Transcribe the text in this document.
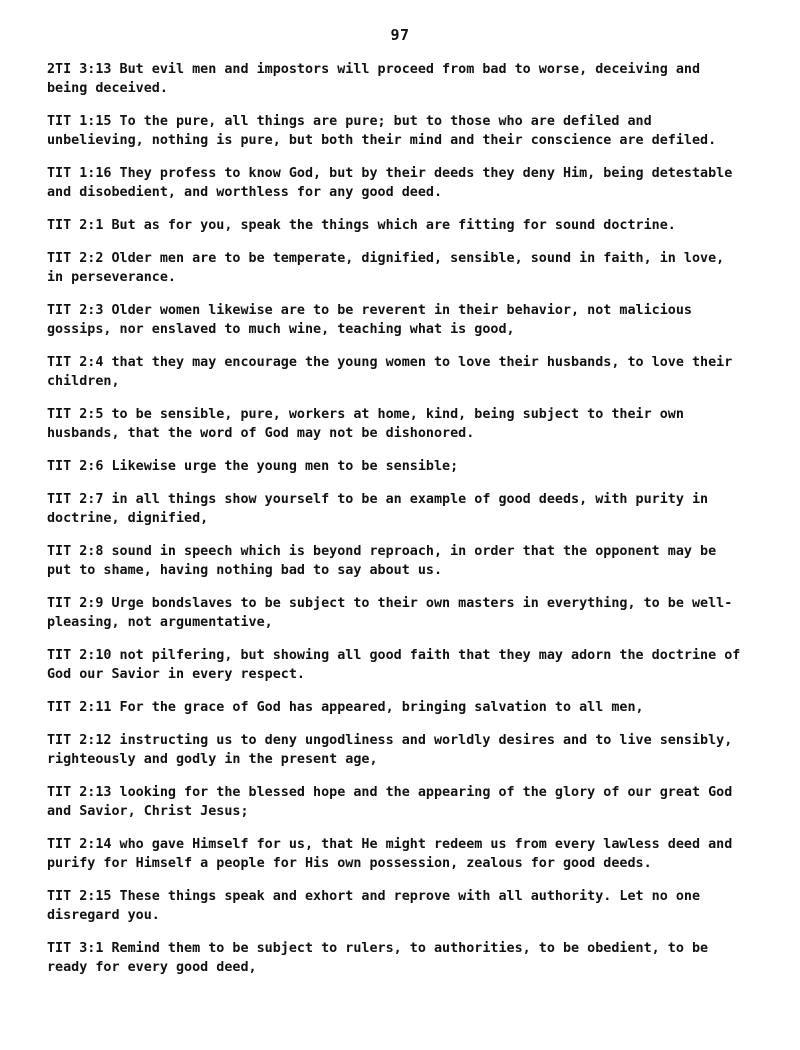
97
2TI 3:13 But evil men and impostors will proceed from bad to worse, deceiving and being deceived.
TIT 1:15 To the pure, all things are pure; but to those who are defiled and unbelieving, nothing is pure, but both their mind and their conscience are defiled.
TIT 1:16 They profess to know God, but by their deeds they deny Him, being detestable and disobedient, and worthless for any good deed.
TIT 2:1 But as for you, speak the things which are fitting for sound doctrine.
TIT 2:2 Older men are to be temperate, dignified, sensible, sound in faith, in love, in perseverance.
TIT 2:3 Older women likewise are to be reverent in their behavior, not malicious gossips, nor enslaved to much wine, teaching what is good,
TIT 2:4 that they may encourage the young women to love their husbands, to love their children,
TIT 2:5 to be sensible, pure, workers at home, kind, being subject to their own husbands, that the word of God may not be dishonored.
TIT 2:6 Likewise urge the young men to be sensible;
TIT 2:7 in all things show yourself to be an example of good deeds, with purity in doctrine, dignified,
TIT 2:8 sound in speech which is beyond reproach, in order that the opponent may be put to shame, having nothing bad to say about us.
TIT 2:9 Urge bondslaves to be subject to their own masters in everything, to be well-pleasing, not argumentative,
TIT 2:10 not pilfering, but showing all good faith that they may adorn the doctrine of God our Savior in every respect.
TIT 2:11 For the grace of God has appeared, bringing salvation to all men,
TIT 2:12 instructing us to deny ungodliness and worldly desires and to live sensibly, righteously and godly in the present age,
TIT 2:13 looking for the blessed hope and the appearing of the glory of our great God and Savior, Christ Jesus;
TIT 2:14 who gave Himself for us, that He might redeem us from every lawless deed and purify for Himself a people for His own possession, zealous for good deeds.
TIT 2:15 These things speak and exhort and reprove with all authority. Let no one disregard you.
TIT 3:1 Remind them to be subject to rulers, to authorities, to be obedient, to be ready for every good deed,
